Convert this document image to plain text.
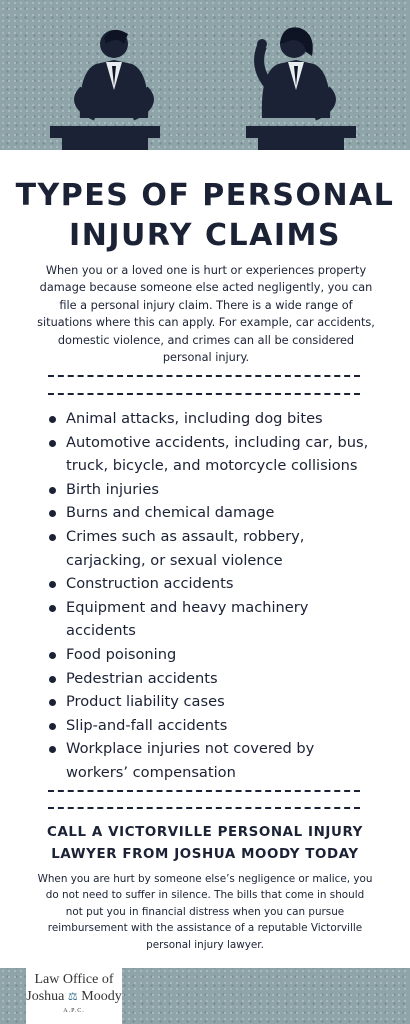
TYPES OF PERSONAL
INJURY CLAIMS
When you or a loved one is hurt or experiences property damage because someone else acted negligently, you can file a personal injury claim. There is a wide range of situations where this can apply. For example, car accidents, domestic violence, and crimes can all be considered personal injury.
Animal attacks, including dog bites
Automotive accidents, including car, bus, truck, bicycle, and motorcycle collisions
Birth injuries
Burns and chemical damage
Crimes such as assault, robbery, carjacking, or sexual violence
Construction accidents
Equipment and heavy machinery accidents
Food poisoning
Pedestrian accidents
Product liability cases
Slip-and-fall accidents
Workplace injuries not covered by workers’ compensation
CALL A VICTORVILLE PERSONAL INJURY
LAWYER FROM JOSHUA MOODY TODAY
When you are hurt by someone else’s negligence or malice, you do not need to suffer in silence. The bills that come in should not put you in financial distress when you can pursue reimbursement with the assistance of a reputable Victorville personal injury lawyer.
Law Office of
Joshua ⚖ Moody
A.P.C.
